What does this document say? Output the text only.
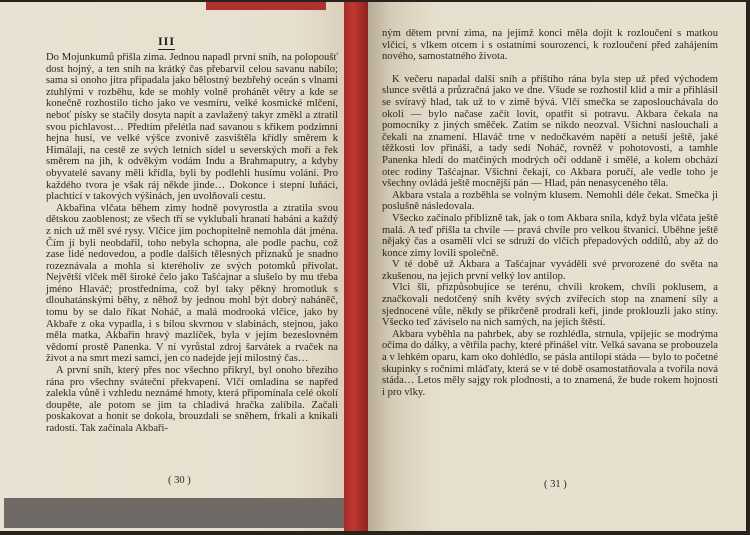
III

Do Mojunkumů přišla zima. Jednou napadl první sníh, na polopoušť dost hojný, a ten sníh na krátký čas přebarvil celou savanu nabílo; sama si onoho jitra připadala jako bělostný bezbřehý oceán s vlnami ztuhlými v rozběhu, kde se mohly volně prohánět větry a kde se konečně rozhostilo ticho jako ve vesmíru, velké kosmické mlčení, neboť písky se stačily dosyta napít a zavlažený takyr změkl a ztratil svou pichlavost… Předtím přelétla nad savanou s křikem podzimní hejna husí, ve velké výšce zvonivě zasvištěla křídly směrem k Himálaji, na cestě ze svých letních sídel u severských moří a řek směrem na jih, k odvěkým vodám Indu a Brahmaputry, a kdyby obyvatelé savany měli křídla, byli by podlehli husímu volání. Pro každého tvora je však ráj někde jinde… Dokonce i stepní luňáci, plachtící v takových výšinách, jen uvolňovali cestu.

Akbařina vlčata během zimy hodně povyrostla a ztratila svou dětskou zaoblenost; ze všech tří se vyklubali hranatí habáni a každý z nich už měl své rysy. Vlčice jim pochopitelně nemohla dát jména. Čím jí byli neobdařil, toho nebyla schopna, ale podle pachu, což zase lidé nedovedou, a podle dalších tělesných příznaků je snadno rozeznávala a mohla si kteréholiv ze svých potomků přivolat. Největší vlček měl široké čelo jako Tašćajnar a slušelo by mu třeba jméno Hlaváč; prostředníma, což byl taky pěkný hromotluk s dlouhatánskými běhy, z něhož by jednou mohl být dobrý naháněč, tomu by se dalo říkat Noháč, a malá modrooká vlčice, jako by Akbaře z oka vypadla, i s bílou skvrnou v slabinách, stejnou, jako měla matka, Akbařin hravý mazlíček, byla v jejím bezeslovném vědomí prostě Panenka. V ní vyrůstal zdroj šarvátek a rvaček na život a na smrt mezi samci, jen co nadejde její milostný čas…

A první sníh, který přes noc všechno přikryl, byl onoho březího rána pro všechny sváteční překvapení. Vlčí omladina se napřed zalekla vůně i vzhledu neznámé hmoty, která připomínala celé okolí doupěte, ale potom se jim ta chladivá hračka zalíbila. Začali poskakovat a honit se dokola, brouzdali se sněhem, frkali a knikali radostí. Tak začínala Akbaři-

( 30 )

ným dětem první zima, na jejímž konci měla dojít k rozloučení s matkou vlčicí, s vlkem otcem i s ostatními sourozenci, k rozloučení před zahájením nového, samostatného života.

K večeru napadal další sníh a příštího rána byla step už před východem slunce světlá a průzračná jako ve dne. Všude se rozhostil klid a mír a přihlásil se svíravý hlad, tak už to v zimě bývá. Vlčí smečka se zaposlouchávala do okolí — bylo načase začít lovit, opatřit si potravu. Akbara čekala na pomocníky z jiných směček. Zatím se nikdo neozval. Všichni naslouchali a čekali na znamení. Hlaváč trne v nedočkavém napětí a netuší ještě, jaké těžkosti lov přináší, a tady sedí Noháč, rovněž v pohotovosti, a tamhle Panenka hledí do matčiných modrých očí oddaně i smělé, a kolem obchází otec rodiny Tašćajnar. Všichni čekají, co Akbara poručí, ale vedle toho je všechny ovládá ještě mocnější pán — Hlad, pán nenasyceného těla.

Akbara vstala a rozběhla se volným klusem. Nemohli déle čekat. Smečka ji poslušně následovala.

Všecko začínalo příblizně tak, jak o tom Akbara snila, když byla vlčata ještě malá. A teď přišla ta chvíle — pravá chvíle pro velkou štvanici. Uběhne ještě nějaký čas a osamělí vlci se sdruží do vlčích přepadových oddílů, aby až do konce zimy lovili společně.

V té době už Akbara a Tašćajnar vyváděli své prvorozené do světa na zkušenou, na jejich první velký lov antilop.

Vlci šli, přizpůsobujíce se terénu, chvíli krokem, chvíli poklusem, a značkovali nedotčený sníh květy svých zvířecích stop na znamení síly a sjednocené vůle, někdy se přikrčeně prodrali keři, jinde proklouzli jako stíny. Všecko teď záviselo na nich samých, na jejich štěstí.

Akbara vyběhla na pahrbek, aby se rozhlédla, strnula, vpíjejíc se modrýma očima do dálky, a větřila pachy, které přinášel vítr. Velká savana se probouzela a v lehkém oparu, kam oko dohlédlo, se pásla antilopí stáda — bylo to početné skupinky s ročními mláďaty, která se v té době osamostatňovala a tvořila nová stáda… Letos měly sajgy rok plodnosti, a to znamená, že bude rokem hojnosti i pro vlky.

( 31 )
